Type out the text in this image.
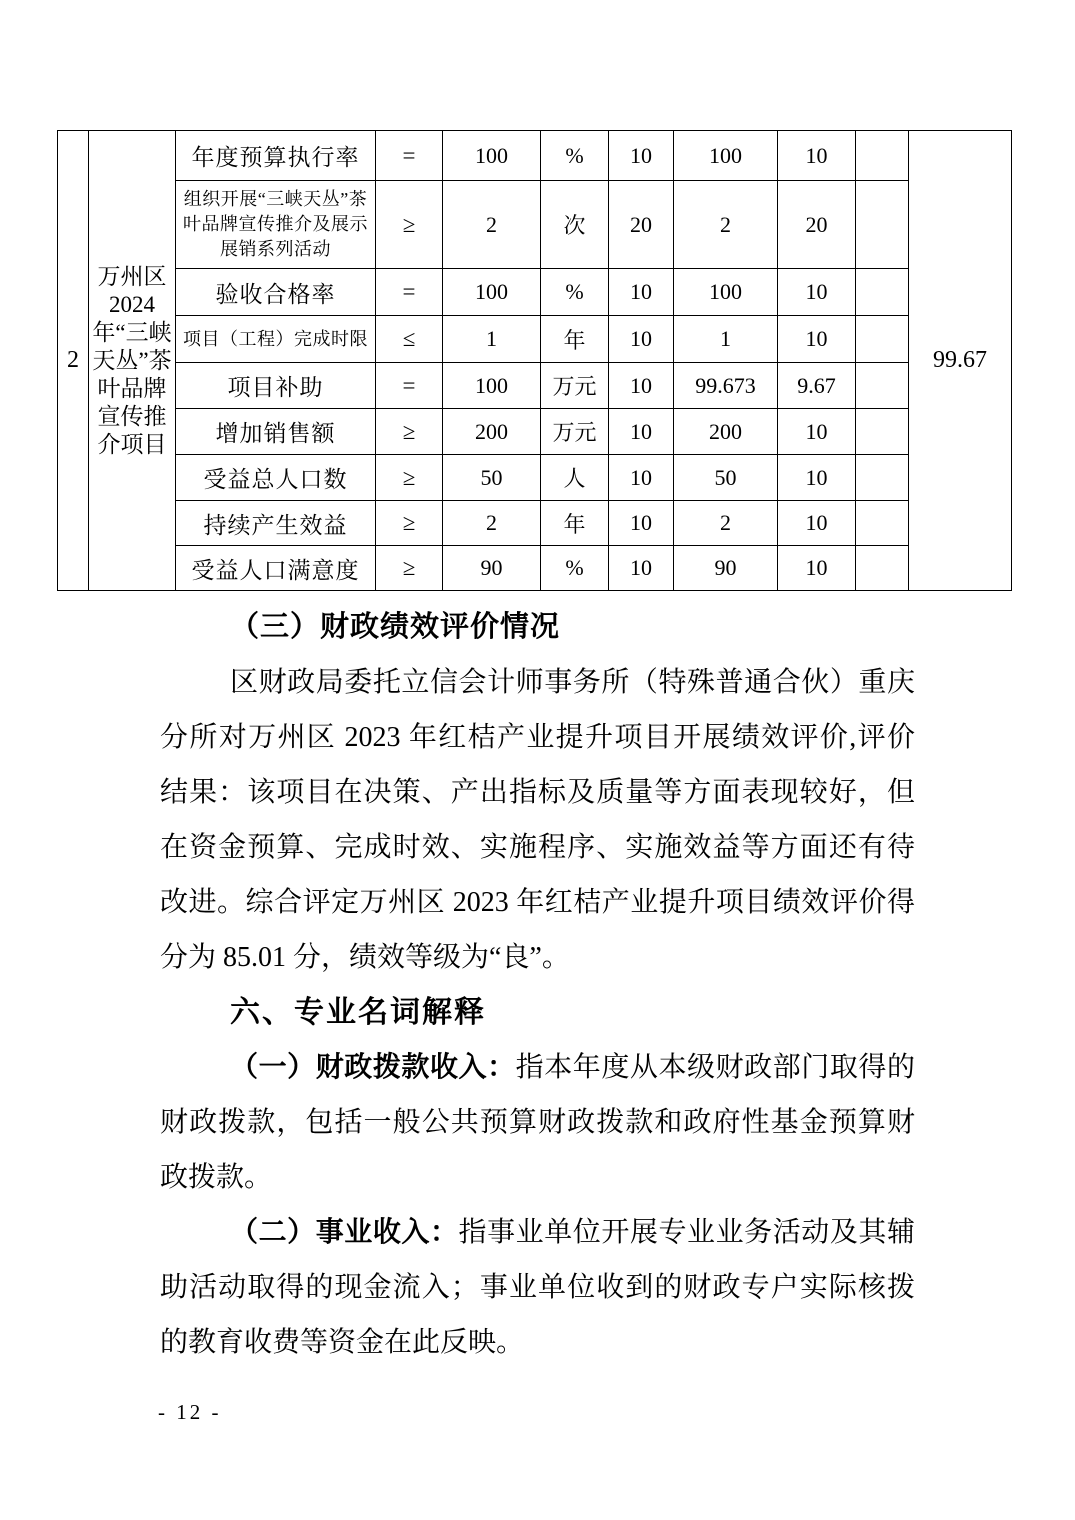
2	万州区2024年“三峡天丛”茶叶品牌宣传推介项目	年度预算执行率	=	100	%	10	100	10		99.67
		组织开展“三峡天丛”茶叶品牌宣传推介及展示展销系列活动	≥	2	次	20	2	20		
		验收合格率	=	100	%	10	100	10		
		项目（工程）完成时限	≤	1	年	10	1	10		
		项目补助	=	100	万元	10	99.673	9.67		
		增加销售额	≥	200	万元	10	200	10		
		受益总人口数	≥	50	人	10	50	10		
		持续产生效益	≥	2	年	10	2	10		
		受益人口满意度	≥	90	%	10	90	10		
（三）财政绩效评价情况
区财政局委托立信会计师事务所（特殊普通合伙）重庆
分所对万州区 2023 年红桔产业提升项目开展绩效评价,评价
结果：该项目在决策、产出指标及质量等方面表现较好，但
在资金预算、完成时效、实施程序、实施效益等方面还有待
改进。综合评定万州区 2023 年红桔产业提升项目绩效评价得
分为 85.01 分，绩效等级为“良”。
六、专业名词解释
（一）财政拨款收入：指本年度从本级财政部门取得的
财政拨款，包括一般公共预算财政拨款和政府性基金预算财
政拨款。
（二）事业收入：指事业单位开展专业业务活动及其辅
助活动取得的现金流入；事业单位收到的财政专户实际核拨
的教育收费等资金在此反映。
- 12 -
